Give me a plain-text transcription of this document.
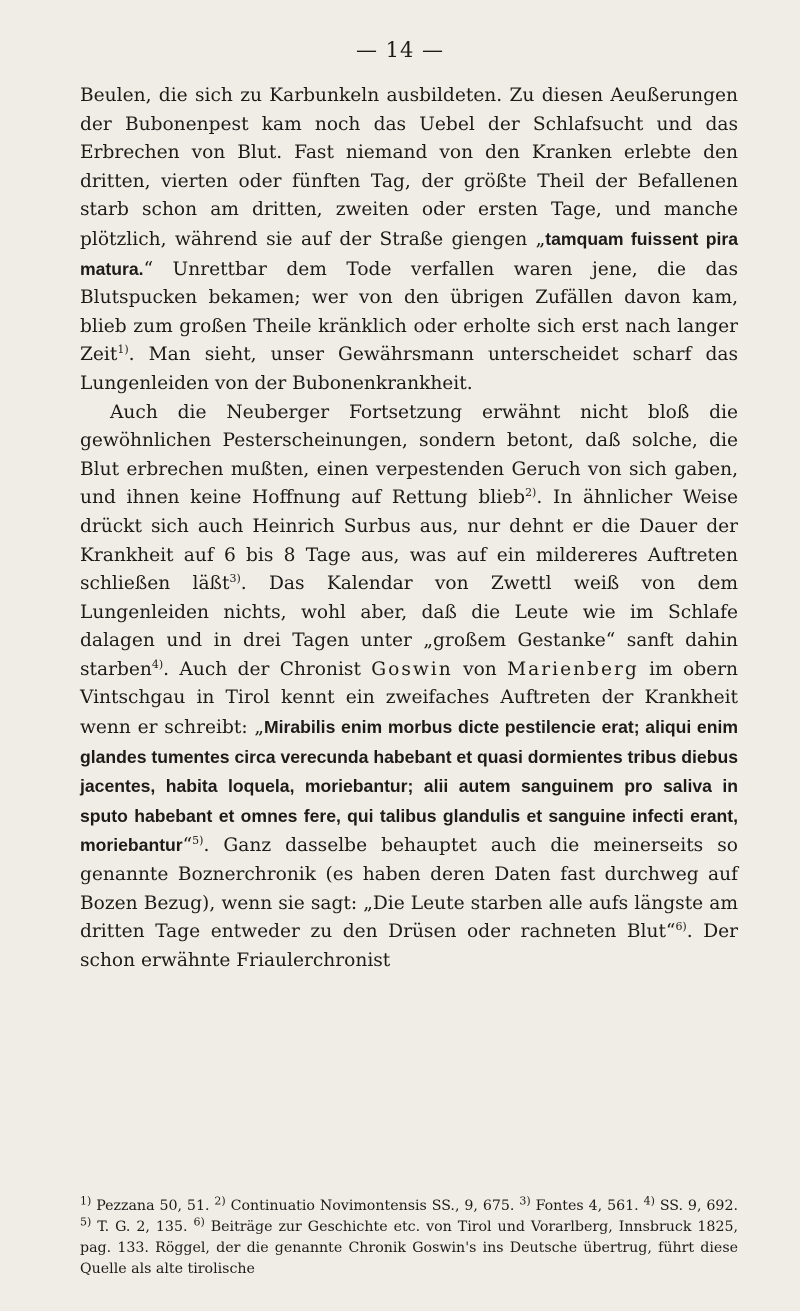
— 14 —

Beulen, die sich zu Karbunkeln ausbildeten. Zu diesen Aeußerungen der Bubonenpest kam noch das Uebel der Schlafsucht und das Erbrechen von Blut. Fast niemand von den Kranken erlebte den dritten, vierten oder fünften Tag, der größte Theil der Befallenen starb schon am dritten, zweiten oder ersten Tage, und manche plötzlich, während sie auf der Straße giengen „tamquam fuissent pira matura.“ Unrettbar dem Tode verfallen waren jene, die das Blutspucken bekamen; wer von den übrigen Zufällen davon kam, blieb zum großen Theile kränklich oder erholte sich erst nach langer Zeit$^{1)}$. Man sieht, unser Gewährsmann unterscheidet scharf das Lungenleiden von der Bubonenkrankheit.

Auch die Neuberger Fortsetzung erwähnt nicht bloß die gewöhnlichen Pesterscheinungen, sondern betont, daß solche, die Blut erbrechen mußten, einen verpestenden Geruch von sich gaben, und ihnen keine Hoffnung auf Rettung blieb$^{2)}$. In ähnlicher Weise drückt sich auch Heinrich Surbus aus, nur dehnt er die Dauer der Krankheit auf 6 bis 8 Tage aus, was auf ein mildereres Auftreten schließen läßt$^{3)}$. Das Kalendar von Zwettl weiß von dem Lungenleiden nichts, wohl aber, daß die Leute wie im Schlafe dalagen und in drei Tagen unter „großem Gestanke“ sanft dahin starben$^{4)}$. Auch der Chronist Goswin von Marienberg im obern Vintschgau in Tirol kennt ein zweifaches Auftreten der Krankheit wenn er schreibt: „Mirabilis enim morbus dicte pestilencie erat; aliqui enim glandes tumentes circa verecunda habebant et quasi dormientes tribus diebus jacentes, habita loquela, moriebantur; alii autem sanguinem pro saliva in sputo habebant et omnes fere, qui talibus glandulis et sanguine infecti erant, moriebantur“$^{5)}$. Ganz dasselbe behauptet auch die meinerseits so genannte Boznerchronik (es haben deren Daten fast durchweg auf Bozen Bezug), wenn sie sagt: „Die Leute starben alle aufs längste am dritten Tage entweder zu den Drüsen oder rachneten Blut“$^{6)}$. Der schon erwähnte Friaulerchronist

$^{1)}$ Pezzana 50, 51. $^{2)}$ Continuatio Novimontensis SS., 9, 675. $^{3)}$ Fontes 4, 561. $^{4)}$ SS. 9, 692. $^{5)}$ T. G. 2, 135. $^{6)}$ Beiträge zur Geschichte etc. von Tirol und Vorarlberg, Innsbruck 1825, pag. 133. Röggel, der die genannte Chronik Goswin's ins Deutsche übertrug, führt diese Quelle als alte tirolische
